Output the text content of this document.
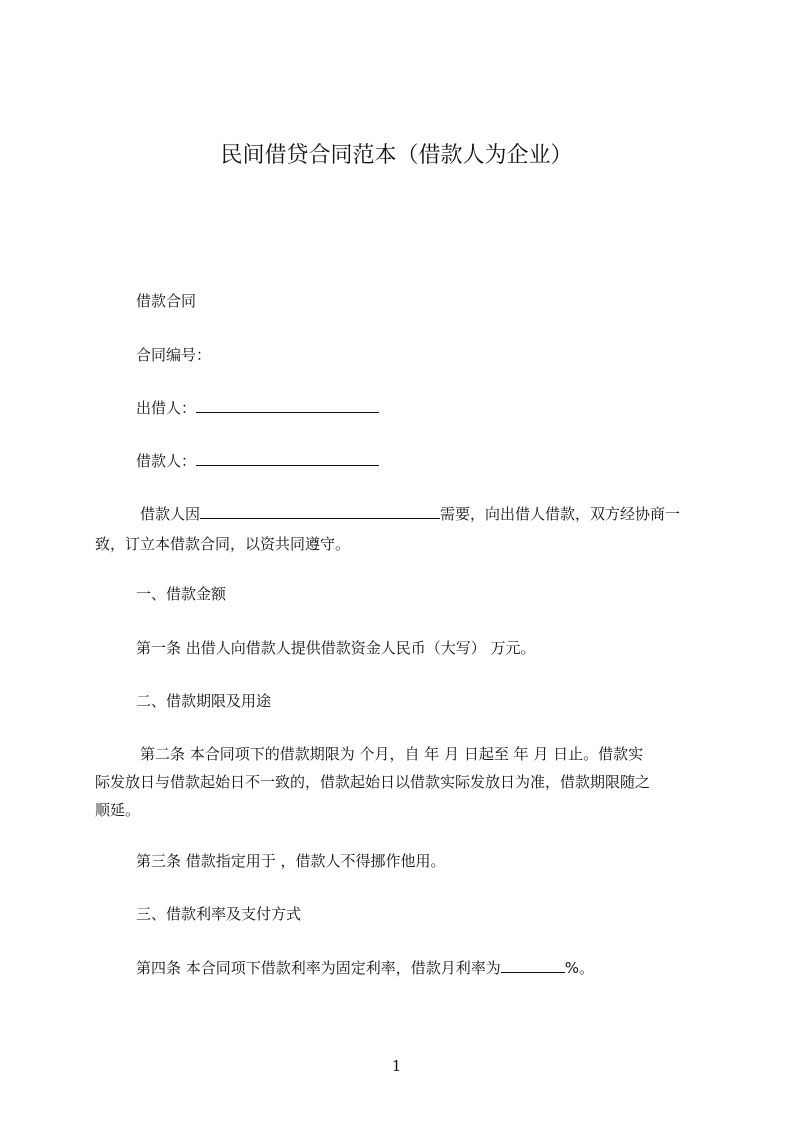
民间借贷合同范本（借款人为企业）
借款合同
合同编号：
出借人：
借款人：
借款人因	需要，向出借人借款，双方经协商一
致，订立本借款合同，以资共同遵守。
一、借款金额
第一条 出借人向借款人提供借款资金人民币（大写） 万元。
二、借款期限及用途
第二条 本合同项下的借款期限为 个月，自 年 月 日起至 年 月 日止。借款实
际发放日与借款起始日不一致的，借款起始日以借款实际发放日为准，借款期限随之
顺延。
第三条 借款指定用于 ，借款人不得挪作他用。
三、借款利率及支付方式
第四条 本合同项下借款利率为固定利率，借款月利率为	%。
1
